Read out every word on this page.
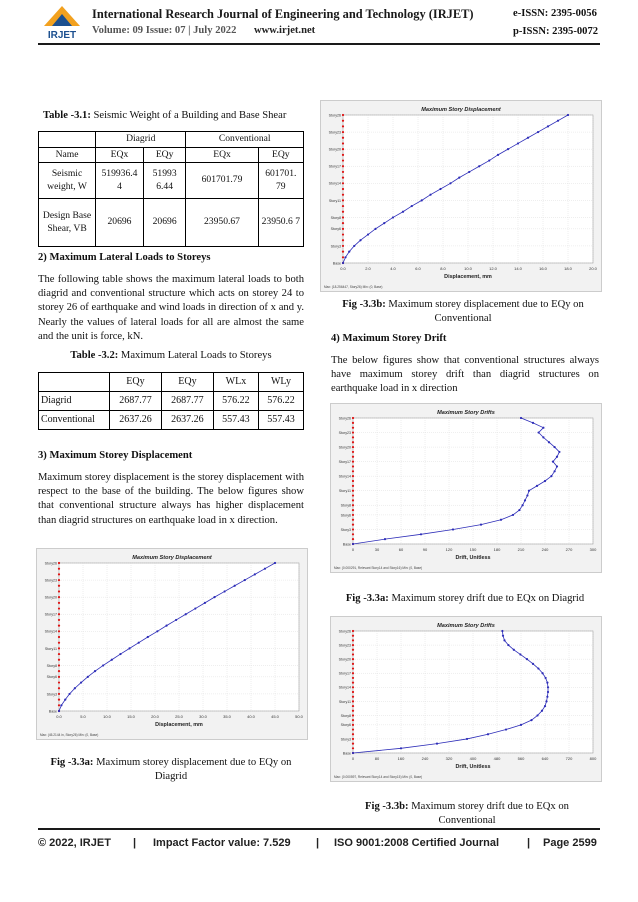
IRJET
International Research Journal of Engineering and Technology (IRJET)	e-ISSN: 2395-0056
Volume: 09 Issue: 07 | July 2022 www.irjet.net	p-ISSN: 2395-0072
Table -3.1: Seismic Weight of a Building and Base Shear
	Diagrid		Conventional	
Name	EQx	EQy	EQx	EQy
Seismic weight, W	519936.4 4	51993 6.44	601701.79	601701. 79
Design Base Shear, VB	20696	20696	23950.67	23950.6 7
2) Maximum Lateral Loads to Storeys
The following table shows the maximum lateral loads to both diagrid and conventional structure which acts on storey 24 to storey 26 of earthquake and wind loads in direction of x and y. Nearly the values of lateral loads for all are almost the same and the unit is force, kN.
Table -3.2: Maximum Lateral Loads to Storeys
	EQy	EQy	WLx	WLy
Diagrid	2687.77	2687.77	576.22	576.22
Conventional	2637.26	2637.26	557.43	557.43
3) Maximum Storey Displacement
Maximum storey displacement is the storey displacement with respect to the base of the building. The below figures show that conventional structure always has higher displacement than diagrid structures on earthquake load in x direction.
Maximum Story Displacement
0.0	5.0	10.0	15.0	20.0	25.0	30.0	35.0	40.0	45.0	50.0
Base
Story3
Story6
Story8
Story11
Story14
Story17
Story20
Story23
Story26
Displacement, mm
Max: (45.2144 in, Story26) Min: (0, Base)
Fig -3.3a: Maximum storey displacement due to EQy on Diagrid
Maximum Story Displacement
0.0	2.0	4.0	6.0	8.0	10.0	12.0	14.0	16.0	18.0	20.0
Base
Story3
Story6
Story8
Story11
Story14
Story17
Story20
Story23
Story26
Displacement, mm
Max: (18.256447, Story26) Min: (0, Base)
Fig -3.3b: Maximum storey displacement due to EQy on Conventional
4) Maximum Storey Drift
The below figures show that conventional structures always have maximum storey drift than diagrid structures on earthquake load in x direction
Maximum Story Drifts
0	30	60	90	120	150	180	210	240	270	300
Base
Story3
Story6
Story8
Story11
Story14
Story17
Story20
Story23
Story26
Drift, Unitless
Max: (0.000291, Relevant Story14 and Story16) Min: (0, Base)
Fig -3.3a: Maximum storey drift due to EQx on Diagrid
Maximum Story Drifts
0	80	160	240	320	400	480	560	640	720	800
Base
Story3
Story6
Story8
Story11
Story14
Story17
Story20
Story23
Story26
Drift, Unitless
Max: (0.000597, Relevant Story14 and Story15) Min: (0, Base)
Fig -3.3b: Maximum storey drift due to EQx on Conventional
© 2022, IRJET | Impact Factor value: 7.529 | ISO 9001:2008 Certified Journal	| Page 2599
